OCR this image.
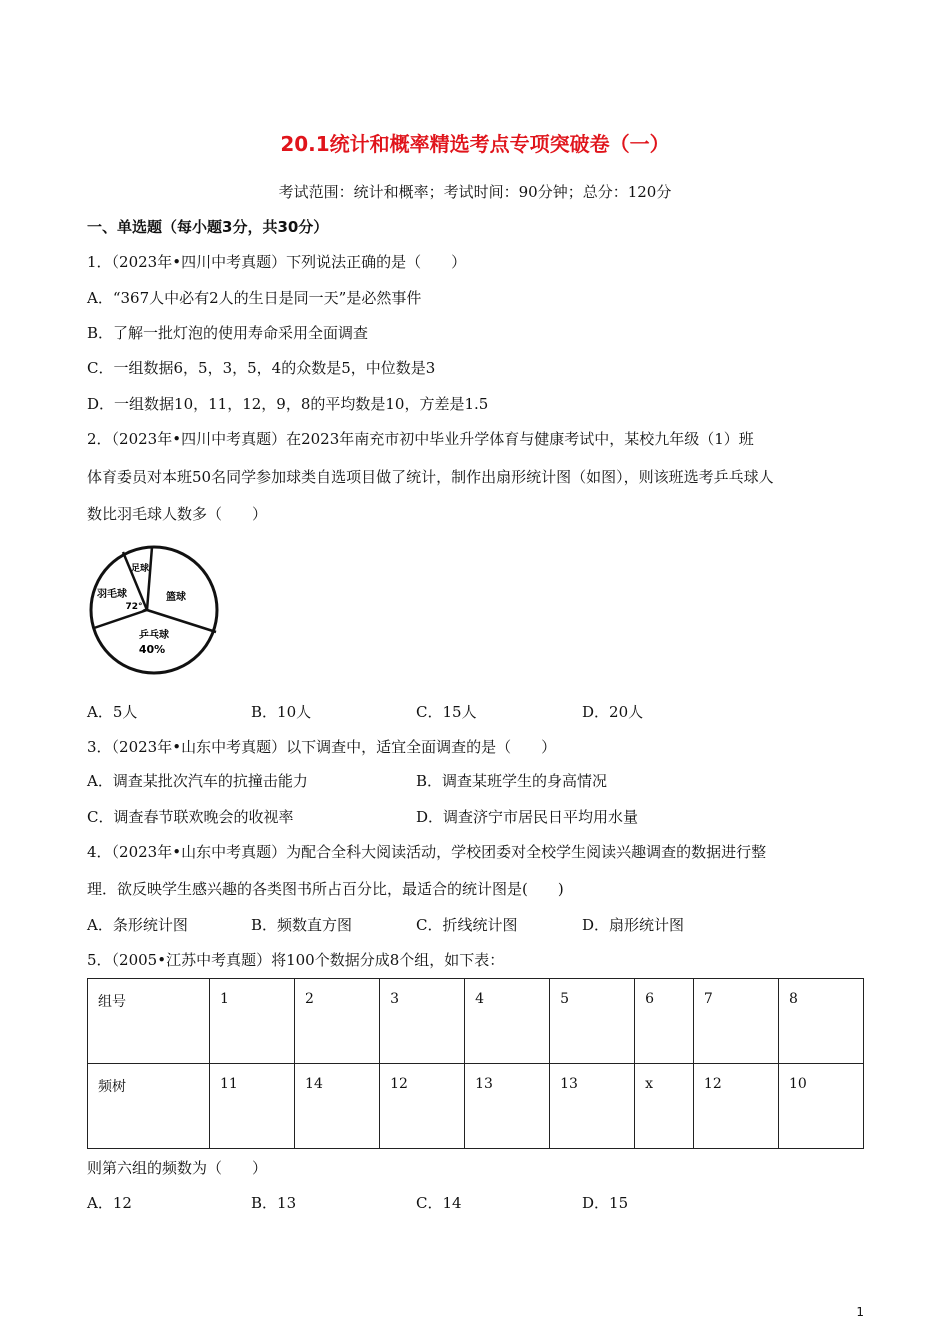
20.1统计和概率精选考点专项突破卷（一）
考试范围：统计和概率；考试时间：90分钟；总分：120分
一、单选题（每小题3分，共30分）
1．（2023年•四川中考真题）下列说法正确的是（　　）
A．“367人中必有2人的生日是同一天”是必然事件
B．了解一批灯泡的使用寿命采用全面调查
C．一组数据6，5，3，5，4的众数是5，中位数是3
D．一组数据10，11，12，9，8的平均数是10，方差是1.5
2．（2023年•四川中考真题）在2023年南充市初中毕业升学体育与健康考试中，某校九年级（1）班
体育委员对本班50名同学参加球类自选项目做了统计，制作出扇形统计图（如图），则该班选考乒乓球人
数比羽毛球人数多（　　）
足球
篮球
羽毛球
72°
乒乓球
40%
A．5人	B．10人	C．15人	D．20人
3．（2023年•山东中考真题）以下调查中，适宜全面调查的是（　　）
A．调查某批次汽车的抗撞击能力	B．调查某班学生的身高情况
C．调查春节联欢晚会的收视率	D．调查济宁市居民日平均用水量
4．（2023年•山东中考真题）为配合全科大阅读活动，学校团委对全校学生阅读兴趣调查的数据进行整
理．欲反映学生感兴趣的各类图书所占百分比，最适合的统计图是(　　)
A．条形统计图	B．频数直方图	C．折线统计图	D．扇形统计图
5．（2005•江苏中考真题）将100个数据分成8个组，如下表：
组号	1	2	3	4	5	6	7	8
频树	11	14	12	13	13	x	12	10
则第六组的频数为（　　）
A．12	B．13	C．14	D．15
1
